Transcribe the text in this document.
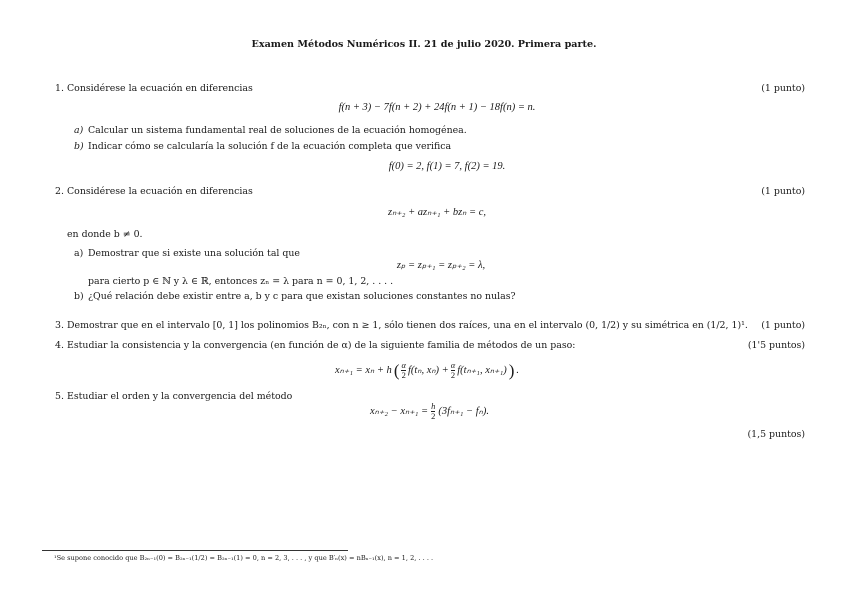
Examen Métodos Numéricos II. 21 de julio 2020. Primera parte.
1. Considérese la ecuación en diferencias	(1 punto)
f(n + 3) − 7f(n + 2) + 24f(n + 1) − 18f(n) = n.
a) Calcular un sistema fundamental real de soluciones de la ecuación homogénea.
b) Indicar cómo se calcularía la solución f de la ecuación completa que verifica
f(0) = 2, f(1) = 7, f(2) = 19.
2. Considérese la ecuación en diferencias	(1 punto)
zₙ₊₂ + azₙ₊₁ + bzₙ = c,
en donde b ≠ 0.
a) Demostrar que si existe una solución tal que
zₚ = zₚ₊₁ = zₚ₊₂ = λ,
para cierto p ∈ ℕ y λ ∈ ℝ, entonces zₙ = λ para n = 0, 1, 2, . . . .
b) ¿Qué relación debe existir entre a, b y c para que existan soluciones constantes no nulas?
3. Demostrar que en el intervalo [0, 1] los polinomios B₂ₙ, con n ≥ 1, sólo tienen dos raíces, una en el intervalo (0, 1/2) y su simétrica en (1/2, 1)¹. (1 punto)
4. Estudiar la consistencia y la convergencia (en función de α) de la siguiente familia de métodos de un paso:	(1'5 puntos)
xₙ₊₁ = xₙ + h ( $\frac{\alpha}{2} f(t_n$, $x_n) + \frac{\alpha}{2} f(t_{n+1}$, xₙ₊₁) ) .
5. Estudiar el orden y la convergencia del método
$x_{n+2} - x_{n+1} = \frac{h}{2} (3f_{n+1} - f_n)$.
(1,5 puntos)
¹Se supone conocido que B₂ₙ₋₁(0) = B₂ₙ₋₁(1/2) = B₂ₙ₋₁(1) = 0, n = 2, 3, . . . , y que B′ₙ(x) = nBₙ₋₁(x), n = 1, 2, . . . .
